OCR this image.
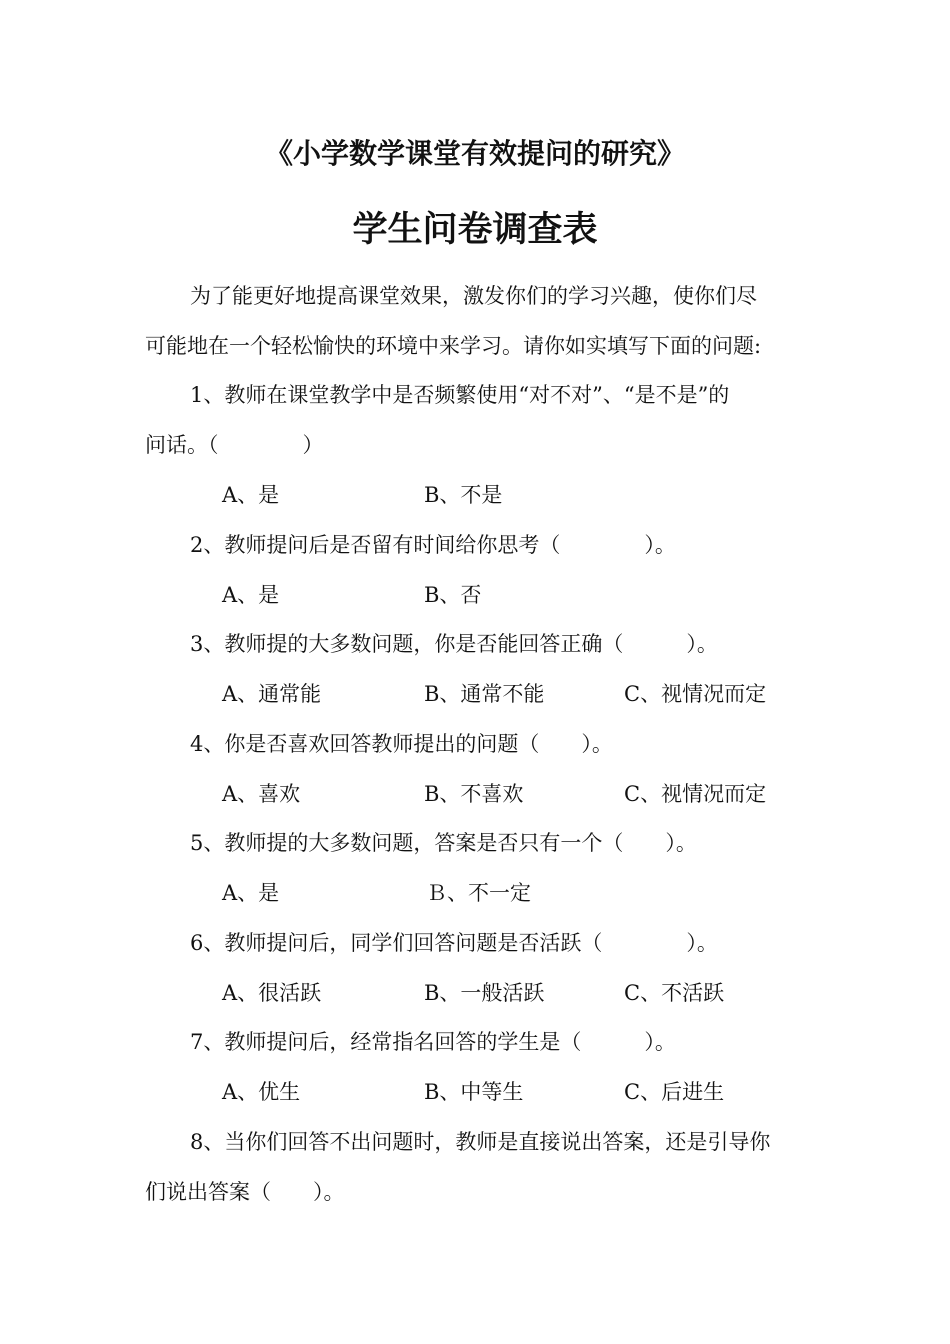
《小学数学课堂有效提问的研究》
学生问卷调查表
为了能更好地提高课堂效果，激发你们的学习兴趣，使你们尽
可能地在一个轻松愉快的环境中来学习。请你如实填写下面的问题:
1、教师在课堂教学中是否频繁使用“对不对”、“是不是”的
问话。（　　　　）
A、是	B、不是
2、教师提问后是否留有时间给你思考（　　　　）。
A、是	B、否
3、教师提的大多数问题，你是否能回答正确（　　　）。
A、通常能	B、通常不能	C、视情况而定
4、你是否喜欢回答教师提出的问题（　　）。
A、喜欢	B、不喜欢	C、视情况而定
5、教师提的大多数问题，答案是否只有一个（　　）。
A、是	Ｂ、不一定
6、教师提问后，同学们回答问题是否活跃（　　　　）。
A、很活跃	B、一般活跃	C、不活跃
7、教师提问后，经常指名回答的学生是（　　　）。
A、优生	B、中等生	C、后进生
8、当你们回答不出问题时，教师是直接说出答案，还是引导你
们说出答案（　　）。
